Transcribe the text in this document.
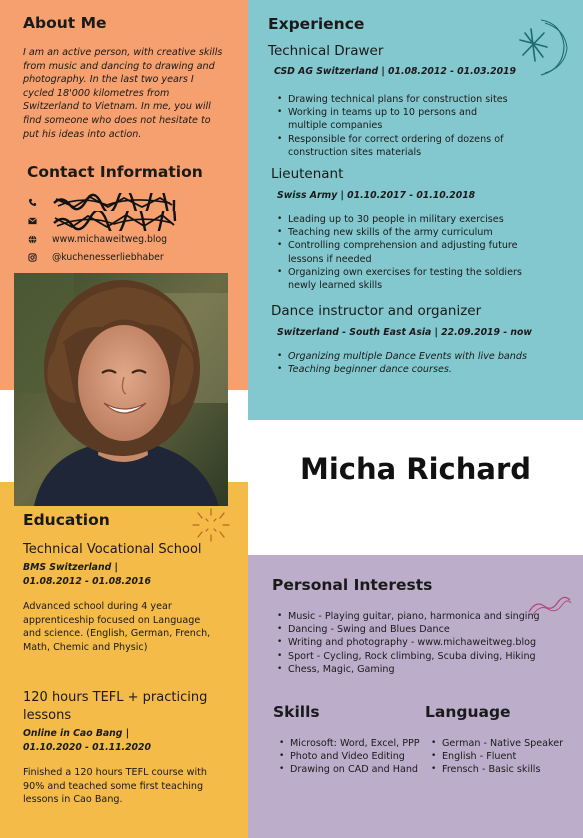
About Me
I am an active person, with creative skills from music and dancing to drawing and photography. In the last two years I cycled 18'000 kilometres from Switzerland to Vietnam. In me, you will find someone who does not hesitate to put his ideas into action.
Contact Information
www.michaweitweg.blog
@kuchenesserliebhaber
Experience
Technical Drawer
CSD AG Switzerland | 01.08.2012 - 01.03.2019
• Drawing technical plans for construction sites
• Working in teams up to 10 persons and multiple companies
• Responsible for correct ordering of dozens of construction sites materials
Lieutenant
Swiss Army | 01.10.2017 - 01.10.2018
• Leading up to 30 people in military exercises
• Teaching new skills of the army curriculum
• Controlling comprehension and adjusting future lessons if needed
• Organizing own exercises for testing the soldiers newly learned skills
Dance instructor and organizer
Switzerland - South East Asia | 22.09.2019 - now
• Organizing multiple Dance Events with live bands
• Teaching beginner dance courses.
Micha Richard
Education
Technical Vocational School
BMS Switzerland |
01.08.2012 - 01.08.2016
Advanced school during 4 year apprenticeship focused on Language and science. (English, German, French, Math, Chemic and Physic)
120 hours TEFL + practicing lessons
Online in Cao Bang |
01.10.2020 - 01.11.2020
Finished a 120 hours TEFL course with 90% and teached some first teaching lessons in Cao Bang.
Personal Interests
• Music - Playing guitar, piano, harmonica and singing
• Dancing - Swing and Blues Dance
• Writing and photography - www.michaweitweg.blog
• Sport - Cycling, Rock climbing, Scuba diving, Hiking
• Chess, Magic, Gaming
Skills
• Microsoft: Word, Excel, PPP
• Photo and Video Editing
• Drawing on CAD and Hand
Language
• German - Native Speaker
• English - Fluent
• Frensch - Basic skills
